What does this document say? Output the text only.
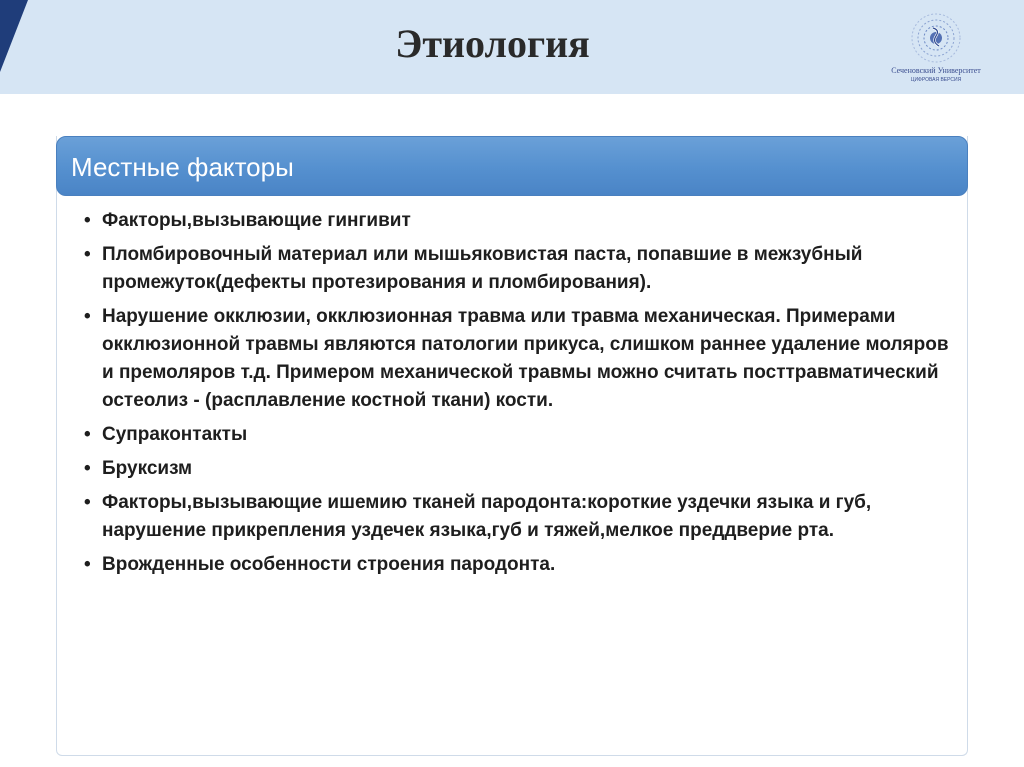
Этиология
Сеченовский Университет
ЦИФРОВАЯ ВЕРСИЯ
Местные факторы
• Факторы,вызывающие гингивит
• Пломбировочный материал или мышьяковистая паста, попавшие в межзубный промежуток(дефекты протезирования и пломбирования).
• Нарушение окклюзии, окклюзионная травма или травма механическая. Примерами окклюзионной травмы являются патологии прикуса, слишком раннее удаление моляров и премоляров т.д. Примером механической травмы можно считать посттравматический остеолиз - (расплавление костной ткани) кости.
• Супраконтакты
• Бруксизм
• Факторы,вызывающие ишемию тканей пародонта:короткие уздечки языка и губ, нарушение прикрепления уздечек языка,губ и тяжей,мелкое преддверие рта.
• Врожденные особенности строения пародонта.
